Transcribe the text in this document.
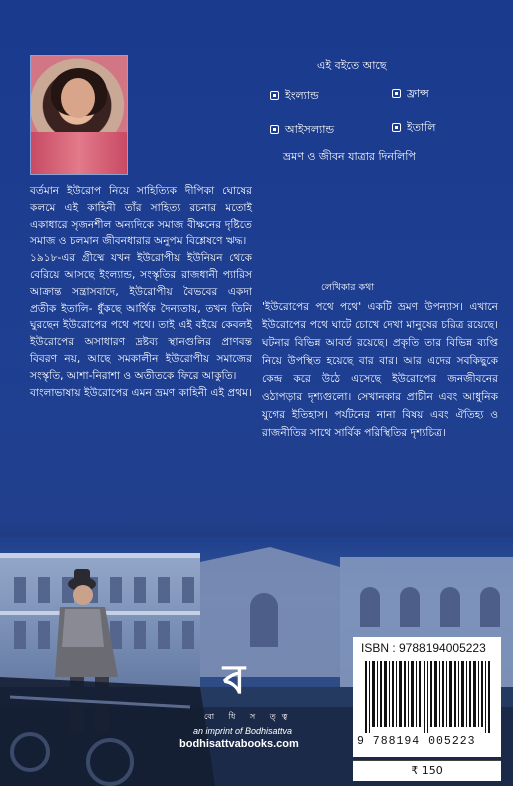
এই বইতে আছে
ইংল্যান্ড	ফ্রান্স
আইসল্যান্ড	ইতালি
ভ্রমণ ও জীবন যাত্রার দিনলিপি

বর্তমান ইউরোপ নিয়ে সাহিত্যিক দীপিকা ঘোষের কলমে এই কাহিনী তাঁর সাহিত্য রচনার মতোই একাধারে সৃজনশীল অন্যদিকে সমাজ বীক্ষনের দৃষ্টিতে সমাজ ও চলমান জীবনধারার অনুপম বিশ্লেষণে ঋদ্ধ।

১৯১৮-এর গ্রীষ্মে যখন ইউরোপীয় ইউনিয়ন থেকে বেরিয়ে আসছে ইংল্যান্ড, সংস্কৃতির রাজধানী প্যারিস আক্রান্ত সন্ত্রাসবাদে, ইউরোপীয় বৈভবের একদা প্রতীক ইতালি- ধুঁকছে আর্থিক দৈন্যতায়, তখন তিনি ঘুরছেন ইউরোপের পথে পথে। তাই এই বইয়ে কেবলই ইউরোপের অসাধারণ দ্রষ্টব্য স্থানগুলির প্রাণবন্ত বিবরণ নয়, আছে সমকালীন ইউরোপীয় সমাজের সংস্কৃতি, আশা-নিরাশা ও অতীতকে ফিরে আকুতি।

বাংলাভাষায় ইউরোপের এমন ভ্রমণ কাহিনী এই প্রথম।

লেখিকার কথা

'ইউরোপের পথে পথে' একটি ভ্রমণ উপন্যাস। এখানে ইউরোপের পথে ঘাটে চোখে দেখা মানুষের চরিত্র রয়েছে। ঘটনার বিভিন্ন আবর্ত রয়েছে। প্রকৃতি তার বিভিন্ন ব্যপ্তি নিয়ে উপস্থিত হয়েছে বার বার। আর এদের সবকিছুকে কেন্দ্র করে উঠে এসেছে ইউরোপের জনজীবনের ওঠাপড়ার দৃশ্যগুলো। সেখানকার প্রাচীন এবং আধুনিক যুগের ইতিহাস। পর্যটনের নানা বিষয় এবং ঐতিহ্য ও রাজনীতির সাথে সার্বিক পরিস্থিতির দৃশ্যচিত্র।

ব
বো ধি স ত্ত্ব
an imprint of Bodhisattva
bodhisattvabooks.com
ISBN : 9788194005223
9 788194 005223
₹ 150
